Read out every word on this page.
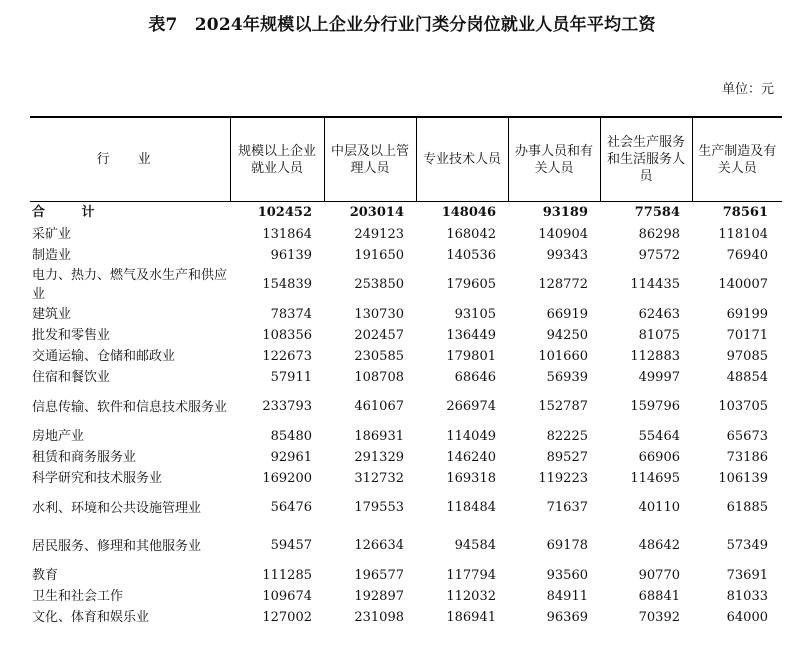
表7　2024年规模以上企业分行业门类分岗位就业人员年平均工资
单位：元
行 业	规模以上企业就业人员	中层及以上管理人员	专业技术人员	办事人员和有关人员	社会生产服务和生活服务人员	生产制造及有关人员
合 计	102452	203014	148046	93189	77584	78561
采矿业	131864	249123	168042	140904	86298	118104
制造业	96139	191650	140536	99343	97572	76940
电力、热力、燃气及水生产和供应业	154839	253850	179605	128772	114435	140007
建筑业	78374	130730	93105	66919	62463	69199
批发和零售业	108356	202457	136449	94250	81075	70171
交通运输、仓储和邮政业	122673	230585	179801	101660	112883	97085
住宿和餐饮业	57911	108708	68646	56939	49997	48854
信息传输、软件和信息技术服务业	233793	461067	266974	152787	159796	103705
房地产业	85480	186931	114049	82225	55464	65673
租赁和商务服务业	92961	291329	146240	89527	66906	73186
科学研究和技术服务业	169200	312732	169318	119223	114695	106139
水利、环境和公共设施管理业	56476	179553	118484	71637	40110	61885
居民服务、修理和其他服务业	59457	126634	94584	69178	48642	57349
教育	111285	196577	117794	93560	90770	73691
卫生和社会工作	109674	192897	112032	84911	68841	81033
文化、体育和娱乐业	127002	231098	186941	96369	70392	64000
